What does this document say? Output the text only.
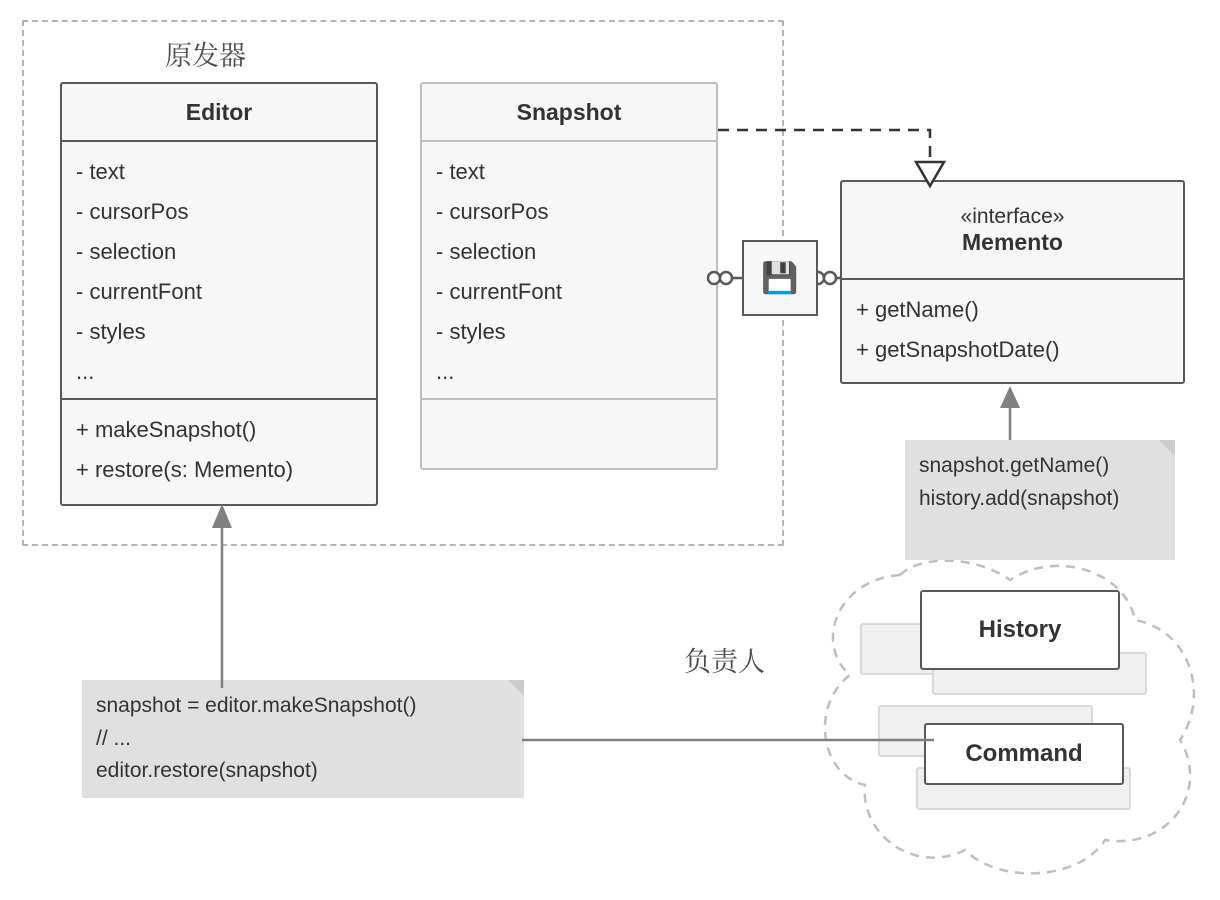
原发器
负责人
Editor
- text
- cursorPos
- selection
- currentFont
- styles
...
+ makeSnapshot()
+ restore(s: Memento)
Snapshot
- text
- cursorPos
- selection
- currentFont
- styles
...
«interface»
Memento
+ getName()
+ getSnapshotDate()
💾
snapshot.getName()
history.add(snapshot)
History
Command
snapshot = editor.makeSnapshot()
// ...
editor.restore(snapshot)
